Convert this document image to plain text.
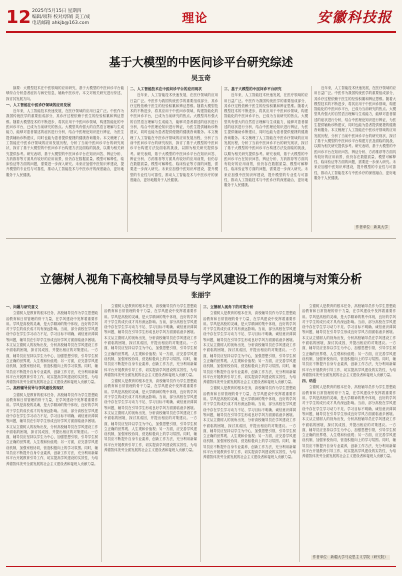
12 2025年5月15日 星期四
编辑/项科 校对/郭娟 美工/成
电话邮箱 ahkjb@163.com	理论	安徽科技报
基于大模型的中医问诊平台研究综述
吴玉奇

摘要：大模型技术在中医领域的应用研究，基于大模型的中医问诊平台能够综合分析患者症状与病史信息，辅助中医诊疗。本文对相关研究进行综述，探讨其发展方向。

一、人工智能在中医诊疗领域的应用发展

近年来，人工智能技术快速发展，在医疗领域的应用日益广泛。中医作为我国传统医学的重要组成部分，其诊疗过程依赖于医生的经验积累和辨证思维。随着大模型技术的不断进步，将其应用于中医问诊领域，构建智能化的中医问诊平台，已成为当前研究的热点。大模型具有强大的自然语言理解与生成能力，能够对患者描述的症状进行分析，结合中医理论知识进行辨证，为医生提供辅助诊断建议，同时也能为患者提供便捷的健康咨询服务。本文梳理了人工智能在中医诊疗领域的应用发展历程，分析了当前中医问诊平台的研究现状，探讨了基于大模型的中医问诊平台构建方法及面临的挑战，以期为相关研究提供参考。研究表明，基于大模型的中医问诊平台在知识问答、辨证分析、方药推荐等方面具有较好的应用前景，但仍存在数据质量、模型可解释性、临床验证等方面的问题，需要进一步深入研究。未来应加强中医知识库建设，提升模型的专业性与可靠性，推动人工智能技术与中医诊疗的深度融合，更好地服务于人民健康。

二、人工智能技术在中医问诊平台的应用现状

近年来，人工智能技术快速发展，在医疗领域的应用日益广泛。中医作为我国传统医学的重要组成部分，其诊疗过程依赖于医生的经验积累和辨证思维。随着大模型技术的不断进步，将其应用于中医问诊领域，构建智能化的中医问诊平台，已成为当前研究的热点。大模型具有强大的自然语言理解与生成能力，能够对患者描述的症状进行分析，结合中医理论知识进行辨证，为医生提供辅助诊断建议，同时也能为患者提供便捷的健康咨询服务。本文梳理了人工智能在中医诊疗领域的应用发展历程，分析了当前中医问诊平台的研究现状，探讨了基于大模型的中医问诊平台构建方法及面临的挑战，以期为相关研究提供参考。研究表明，基于大模型的中医问诊平台在知识问答、辨证分析、方药推荐等方面具有较好的应用前景，但仍存在数据质量、模型可解释性、临床验证等方面的问题，需要进一步深入研究。未来应加强中医知识库建设，提升模型的专业性与可靠性，推动人工智能技术与中医诊疗的深度融合，更好地服务于人民健康。

三、基于大模型的中医问诊平台研究

近年来，人工智能技术快速发展，在医疗领域的应用日益广泛。中医作为我国传统医学的重要组成部分，其诊疗过程依赖于医生的经验积累和辨证思维。随着大模型技术的不断进步，将其应用于中医问诊领域，构建智能化的中医问诊平台，已成为当前研究的热点。大模型具有强大的自然语言理解与生成能力，能够对患者描述的症状进行分析，结合中医理论知识进行辨证，为医生提供辅助诊断建议，同时也能为患者提供便捷的健康咨询服务。本文梳理了人工智能在中医诊疗领域的应用发展历程，分析了当前中医问诊平台的研究现状，探讨了基于大模型的中医问诊平台构建方法及面临的挑战，以期为相关研究提供参考。研究表明，基于大模型的中医问诊平台在知识问答、辨证分析、方药推荐等方面具有较好的应用前景，但仍存在数据质量、模型可解释性、临床验证等方面的问题，需要进一步深入研究。未来应加强中医知识库建设，提升模型的专业性与可靠性，推动人工智能技术与中医诊疗的深度融合，更好地服务于人民健康。

近年来，人工智能技术快速发展，在医疗领域的应用日益广泛。中医作为我国传统医学的重要组成部分，其诊疗过程依赖于医生的经验积累和辨证思维。随着大模型技术的不断进步，将其应用于中医问诊领域，构建智能化的中医问诊平台，已成为当前研究的热点。大模型具有强大的自然语言理解与生成能力，能够对患者描述的症状进行分析，结合中医理论知识进行辨证，为医生提供辅助诊断建议，同时也能为患者提供便捷的健康咨询服务。本文梳理了人工智能在中医诊疗领域的应用发展历程，分析了当前中医问诊平台的研究现状，探讨了基于大模型的中医问诊平台构建方法及面临的挑战，以期为相关研究提供参考。研究表明，基于大模型的中医问诊平台在知识问答、辨证分析、方药推荐等方面具有较好的应用前景，但仍存在数据质量、模型可解释性、临床验证等方面的问题，需要进一步深入研究。未来应加强中医知识库建设，提升模型的专业性与可靠性，推动人工智能技术与中医诊疗的深度融合，更好地服务于人民健康。

作者单位：新某大学
立德树人视角下高校辅导员导与学风建设工作的困境与对策分析
张丽宇

一、问题与研究意义

立德树人是教育的根本任务，高校辅导员作为学生思想政治教育和日常管理的骨干力量，在学风建设中发挥着重要作用。学风是高校的灵魂，是大学精神的集中体现，良好的学风对于学生的成长成才具有深远影响。当前，部分高校在学风建设中存在学生学习动力不足、学习目标不明确、诚信意识薄弱等问题，辅导员在引导学生形成良好学风方面面临诸多困境。本文从立德树人的视角出发，分析高校辅导员在学风建设工作中面临的困境，探讨其成因，并提出相应的对策建议。一方面，辅导员应坚持以学生为中心，加强思想引领，引导学生树立正确的世界观、人生观和价值观；另一方面，应完善学风建设机制，加强家校协同，营造积极向上的学习氛围。同时，辅导员应不断提升自身专业素养，创新工作方法，充分利用新媒体平台开展教育引导工作，切实提高学风建设的实效性，为培养德智体美劳全面发展的社会主义建设者和接班人贡献力量。

二、高校辅导员导与学风建设的现状

立德树人是教育的根本任务，高校辅导员作为学生思想政治教育和日常管理的骨干力量，在学风建设中发挥着重要作用。学风是高校的灵魂，是大学精神的集中体现，良好的学风对于学生的成长成才具有深远影响。当前，部分高校在学风建设中存在学生学习动力不足、学习目标不明确、诚信意识薄弱等问题，辅导员在引导学生形成良好学风方面面临诸多困境。本文从立德树人的视角出发，分析高校辅导员在学风建设工作中面临的困境，探讨其成因，并提出相应的对策建议。一方面，辅导员应坚持以学生为中心，加强思想引领，引导学生树立正确的世界观、人生观和价值观；另一方面，应完善学风建设机制，加强家校协同，营造积极向上的学习氛围。同时，辅导员应不断提升自身专业素养，创新工作方法，充分利用新媒体平台开展教育引导工作，切实提高学风建设的实效性，为培养德智体美劳全面发展的社会主义建设者和接班人贡献力量。

立德树人是教育的根本任务，高校辅导员作为学生思想政治教育和日常管理的骨干力量，在学风建设中发挥着重要作用。学风是高校的灵魂，是大学精神的集中体现，良好的学风对于学生的成长成才具有深远影响。当前，部分高校在学风建设中存在学生学习动力不足、学习目标不明确、诚信意识薄弱等问题，辅导员在引导学生形成良好学风方面面临诸多困境。本文从立德树人的视角出发，分析高校辅导员在学风建设工作中面临的困境，探讨其成因，并提出相应的对策建议。一方面，辅导员应坚持以学生为中心，加强思想引领，引导学生树立正确的世界观、人生观和价值观；另一方面，应完善学风建设机制，加强家校协同，营造积极向上的学习氛围。同时，辅导员应不断提升自身专业素养，创新工作方法，充分利用新媒体平台开展教育引导工作，切实提高学风建设的实效性，为培养德智体美劳全面发展的社会主义建设者和接班人贡献力量。

立德树人是教育的根本任务，高校辅导员作为学生思想政治教育和日常管理的骨干力量，在学风建设中发挥着重要作用。学风是高校的灵魂，是大学精神的集中体现，良好的学风对于学生的成长成才具有深远影响。当前，部分高校在学风建设中存在学生学习动力不足、学习目标不明确、诚信意识薄弱等问题，辅导员在引导学生形成良好学风方面面临诸多困境。本文从立德树人的视角出发，分析高校辅导员在学风建设工作中面临的困境，探讨其成因，并提出相应的对策建议。一方面，辅导员应坚持以学生为中心，加强思想引领，引导学生树立正确的世界观、人生观和价值观；另一方面，应完善学风建设机制，加强家校协同，营造积极向上的学习氛围。同时，辅导员应不断提升自身专业素养，创新工作方法，充分利用新媒体平台开展教育引导工作，切实提高学风建设的实效性，为培养德智体美劳全面发展的社会主义建设者和接班人贡献力量。

三、立德树人视角下的对策分析

立德树人是教育的根本任务，高校辅导员作为学生思想政治教育和日常管理的骨干力量，在学风建设中发挥着重要作用。学风是高校的灵魂，是大学精神的集中体现，良好的学风对于学生的成长成才具有深远影响。当前，部分高校在学风建设中存在学生学习动力不足、学习目标不明确、诚信意识薄弱等问题，辅导员在引导学生形成良好学风方面面临诸多困境。本文从立德树人的视角出发，分析高校辅导员在学风建设工作中面临的困境，探讨其成因，并提出相应的对策建议。一方面，辅导员应坚持以学生为中心，加强思想引领，引导学生树立正确的世界观、人生观和价值观；另一方面，应完善学风建设机制，加强家校协同，营造积极向上的学习氛围。同时，辅导员应不断提升自身专业素养，创新工作方法，充分利用新媒体平台开展教育引导工作，切实提高学风建设的实效性，为培养德智体美劳全面发展的社会主义建设者和接班人贡献力量。

立德树人是教育的根本任务，高校辅导员作为学生思想政治教育和日常管理的骨干力量，在学风建设中发挥着重要作用。学风是高校的灵魂，是大学精神的集中体现，良好的学风对于学生的成长成才具有深远影响。当前，部分高校在学风建设中存在学生学习动力不足、学习目标不明确、诚信意识薄弱等问题，辅导员在引导学生形成良好学风方面面临诸多困境。本文从立德树人的视角出发，分析高校辅导员在学风建设工作中面临的困境，探讨其成因，并提出相应的对策建议。一方面，辅导员应坚持以学生为中心，加强思想引领，引导学生树立正确的世界观、人生观和价值观；另一方面，应完善学风建设机制，加强家校协同，营造积极向上的学习氛围。同时，辅导员应不断提升自身专业素养，创新工作方法，充分利用新媒体平台开展教育引导工作，切实提高学风建设的实效性，为培养德智体美劳全面发展的社会主义建设者和接班人贡献力量。

立德树人是教育的根本任务，高校辅导员作为学生思想政治教育和日常管理的骨干力量，在学风建设中发挥着重要作用。学风是高校的灵魂，是大学精神的集中体现，良好的学风对于学生的成长成才具有深远影响。当前，部分高校在学风建设中存在学生学习动力不足、学习目标不明确、诚信意识薄弱等问题，辅导员在引导学生形成良好学风方面面临诸多困境。本文从立德树人的视角出发，分析高校辅导员在学风建设工作中面临的困境，探讨其成因，并提出相应的对策建议。一方面，辅导员应坚持以学生为中心，加强思想引领，引导学生树立正确的世界观、人生观和价值观；另一方面，应完善学风建设机制，加强家校协同，营造积极向上的学习氛围。同时，辅导员应不断提升自身专业素养，创新工作方法，充分利用新媒体平台开展教育引导工作，切实提高学风建设的实效性，为培养德智体美劳全面发展的社会主义建设者和接班人贡献力量。

四、结语

立德树人是教育的根本任务，高校辅导员作为学生思想政治教育和日常管理的骨干力量，在学风建设中发挥着重要作用。学风是高校的灵魂，是大学精神的集中体现，良好的学风对于学生的成长成才具有深远影响。当前，部分高校在学风建设中存在学生学习动力不足、学习目标不明确、诚信意识薄弱等问题，辅导员在引导学生形成良好学风方面面临诸多困境。本文从立德树人的视角出发，分析高校辅导员在学风建设工作中面临的困境，探讨其成因，并提出相应的对策建议。一方面，辅导员应坚持以学生为中心，加强思想引领，引导学生树立正确的世界观、人生观和价值观；另一方面，应完善学风建设机制，加强家校协同，营造积极向上的学习氛围。同时，辅导员应不断提升自身专业素养，创新工作方法，充分利用新媒体平台开展教育引导工作，切实提高学风建设的实效性，为培养德智体美劳全面发展的社会主义建设者和接班人贡献力量。

作者单位：新疆大学马克思主义学院（研究院）
